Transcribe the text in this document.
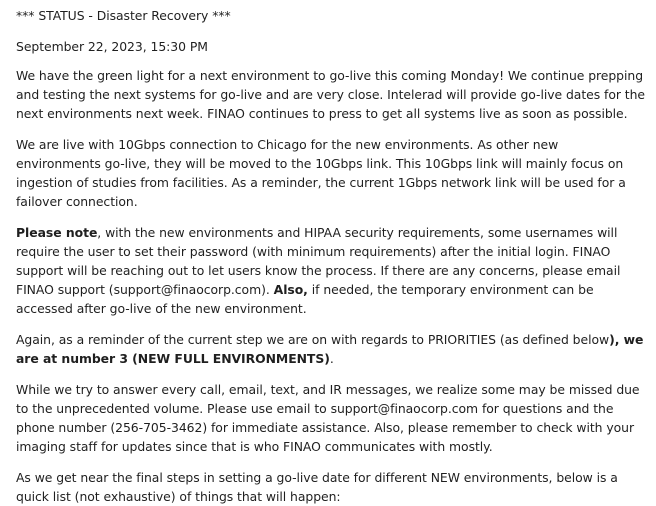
*** STATUS - Disaster Recovery ***

September 22, 2023, 15:30 PM

We have the green light for a next environment to go-live this coming Monday! We continue prepping and testing the next systems for go-live and are very close. Intelerad will provide go-live dates for the next environments next week. FINAO continues to press to get all systems live as soon as possible.

We are live with 10Gbps connection to Chicago for the new environments. As other new environments go-live, they will be moved to the 10Gbps link. This 10Gbps link will mainly focus on ingestion of studies from facilities. As a reminder, the current 1Gbps network link will be used for a failover connection.

Please note, with the new environments and HIPAA security requirements, some usernames will require the user to set their password (with minimum requirements) after the initial login. FINAO support will be reaching out to let users know the process. If there are any concerns, please email FINAO support (support@finaocorp.com). Also, if needed, the temporary environment can be accessed after go-live of the new environment.

Again, as a reminder of the current step we are on with regards to PRIORITIES (as defined below), we are at number 3 (NEW FULL ENVIRONMENTS).

While we try to answer every call, email, text, and IR messages, we realize some may be missed due to the unprecedented volume. Please use email to support@finaocorp.com for questions and the phone number (256-705-3462) for immediate assistance. Also, please remember to check with your imaging staff for updates since that is who FINAO communicates with mostly.

As we get near the final steps in setting a go-live date for different NEW environments, below is a quick list (not exhaustive) of things that will happen:
